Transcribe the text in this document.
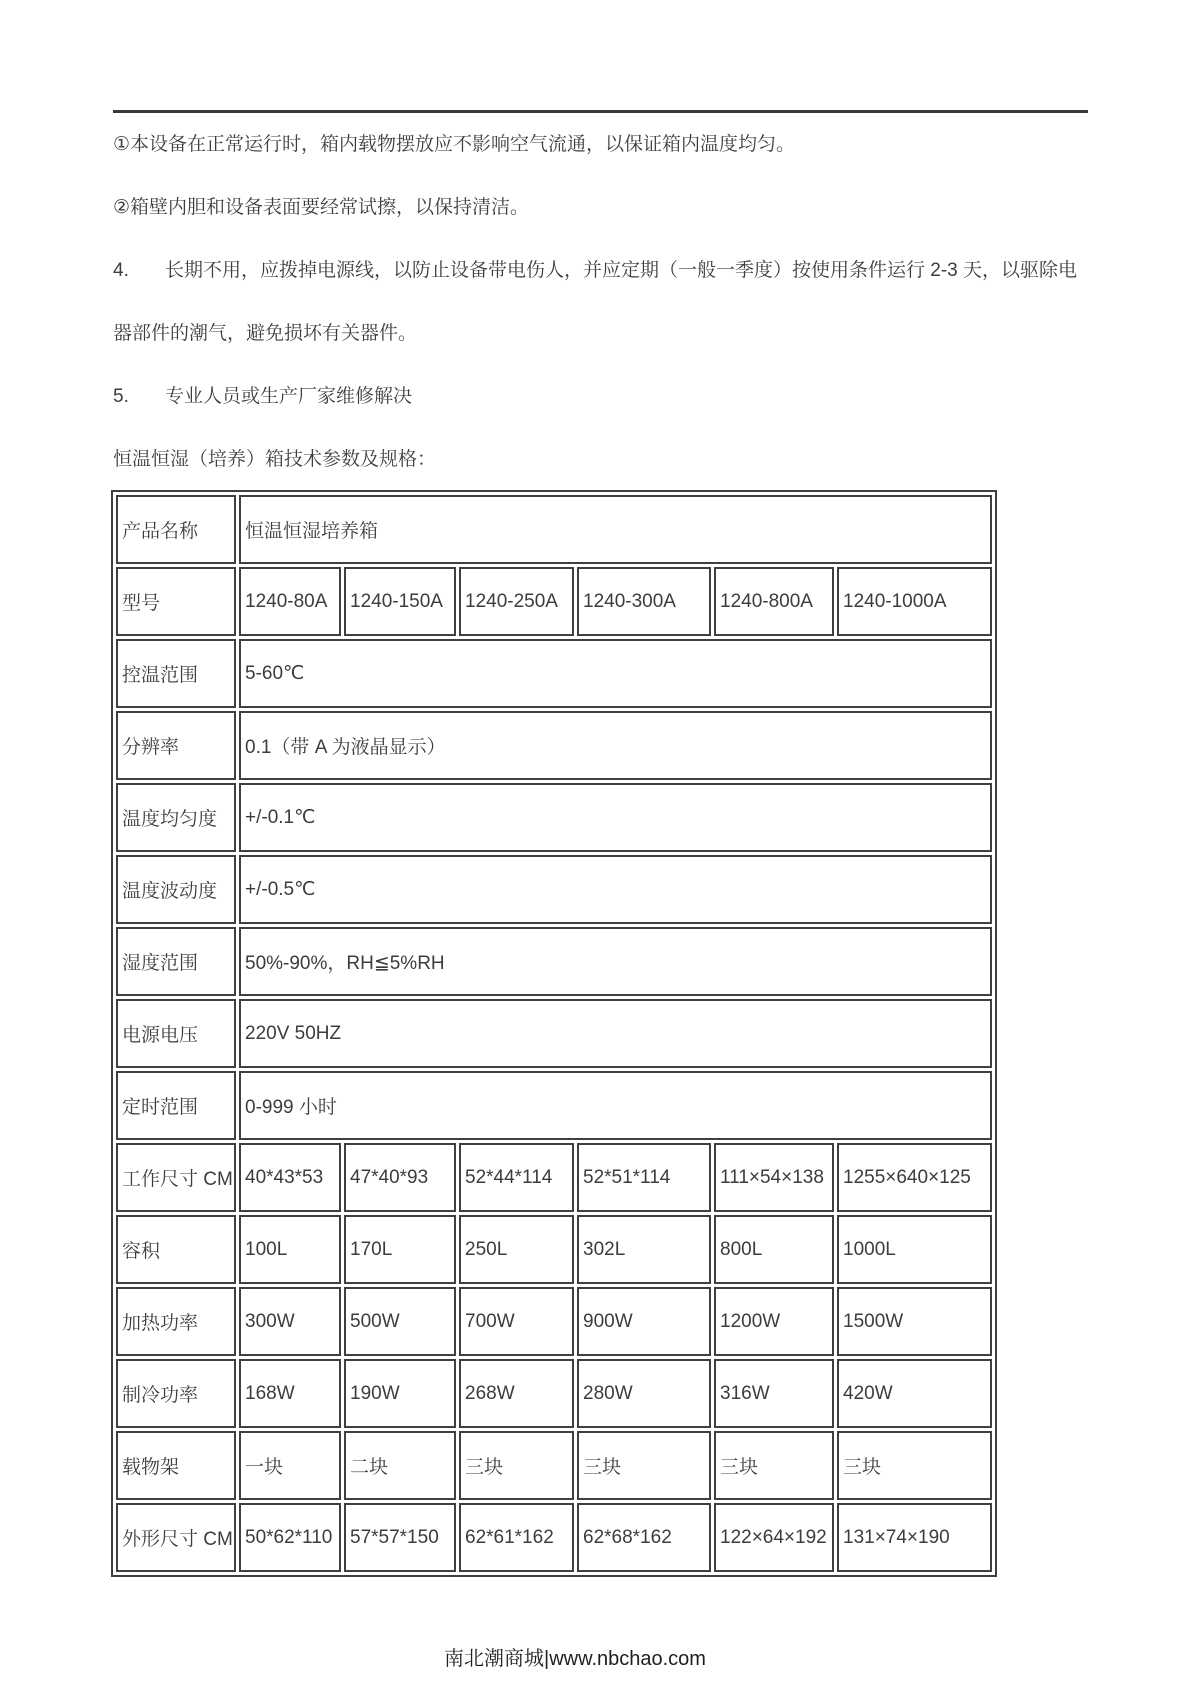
①本设备在正常运行时，箱内载物摆放应不影响空气流通，以保证箱内温度均匀。
②箱壁内胆和设备表面要经常试擦，以保持清洁。
4. 长期不用，应拨掉电源线，以防止设备带电伤人，并应定期（一般一季度）按使用条件运行 2-3 天，以驱除电
器部件的潮气，避免损坏有关器件。
5. 专业人员或生产厂家维修解决
恒温恒湿（培养）箱技术参数及规格：
产品名称	恒温恒湿培养箱					
型号	1240-80A	1240-150A	1240-250A	1240-300A	1240-800A	1240-1000A
控温范围	5-60℃					
分辨率	0.1（带 A 为液晶显示）					
温度均匀度	+/-0.1℃					
温度波动度	+/-0.5℃					
湿度范围	50%-90%，RH≦5%RH					
电源电压	220V 50HZ					
定时范围	0-999 小时					
工作尺寸 CM	40*43*53	47*40*93	52*44*114	52*51*114	111×54×138	1255×640×125
容积	100L	170L	250L	302L	800L	1000L
加热功率	300W	500W	700W	900W	1200W	1500W
制冷功率	168W	190W	268W	280W	316W	420W
载物架	一块	二块	三块	三块	三块	三块
外形尺寸 CM	50*62*110	57*57*150	62*61*162	62*68*162	122×64×192	131×74×190
南北潮商城|www.nbchao.com
